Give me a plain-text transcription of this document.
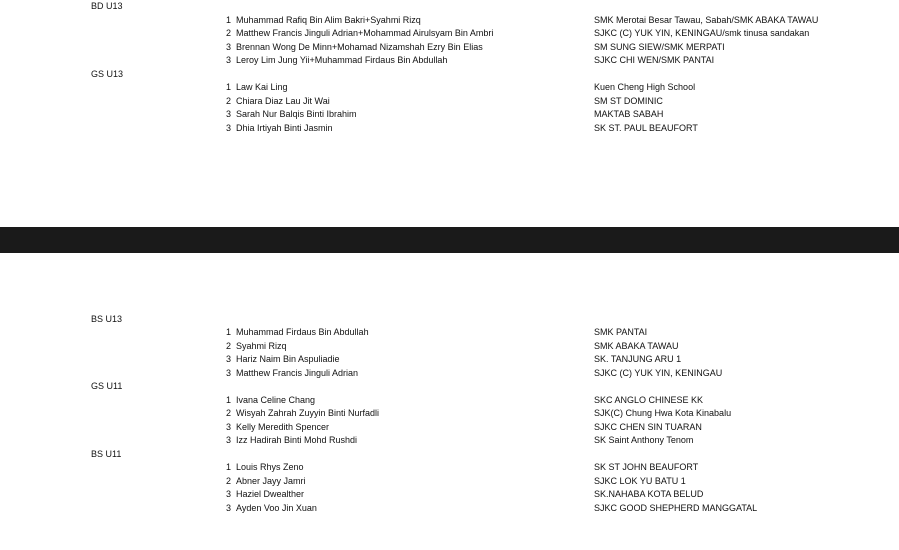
BD U13
1 Muhammad Rafiq Bin Alim Bakri+Syahmi Rizq	SMK Merotai Besar Tawau, Sabah/SMK ABAKA TAWAU
2 Matthew Francis Jinguli Adrian+Mohammad Airulsyam Bin Ambri	SJKC (C) YUK YIN, KENINGAU/smk tinusa sandakan
3 Brennan Wong De Minn+Mohamad Nizamshah Ezry Bin Elias	SM SUNG SIEW/SMK MERPATI
3 Leroy Lim Jung Yii+Muhammad Firdaus Bin Abdullah	SJKC CHI WEN/SMK PANTAI
GS U13
1 Law Kai Ling	Kuen Cheng High School
2 Chiara Diaz Lau Jit Wai	SM ST DOMINIC
3 Sarah Nur Balqis Binti Ibrahim	MAKTAB SABAH
3 Dhia Irtiyah Binti Jasmin	SK ST. PAUL BEAUFORT
BS U13
1 Muhammad Firdaus Bin Abdullah	SMK PANTAI
2 Syahmi Rizq	SMK ABAKA TAWAU
3 Hariz Naim Bin Aspuliadie	SK. TANJUNG ARU 1
3 Matthew Francis Jinguli Adrian	SJKC (C) YUK YIN, KENINGAU
GS U11
1 Ivana Celine Chang	SKC ANGLO CHINESE KK
2 Wisyah Zahrah Zuyyin Binti Nurfadli	SJK(C) Chung Hwa Kota Kinabalu
3 Kelly Meredith Spencer	SJKC CHEN SIN TUARAN
3 Izz Hadirah Binti Mohd Rushdi	SK Saint Anthony Tenom
BS U11
1 Louis Rhys Zeno	SK ST JOHN BEAUFORT
2 Abner Jayy Jamri	SJKC LOK YU BATU 1
3 Haziel Dwealther	SK.NAHABA KOTA BELUD
3 Ayden Voo Jin Xuan	SJKC GOOD SHEPHERD MANGGATAL
